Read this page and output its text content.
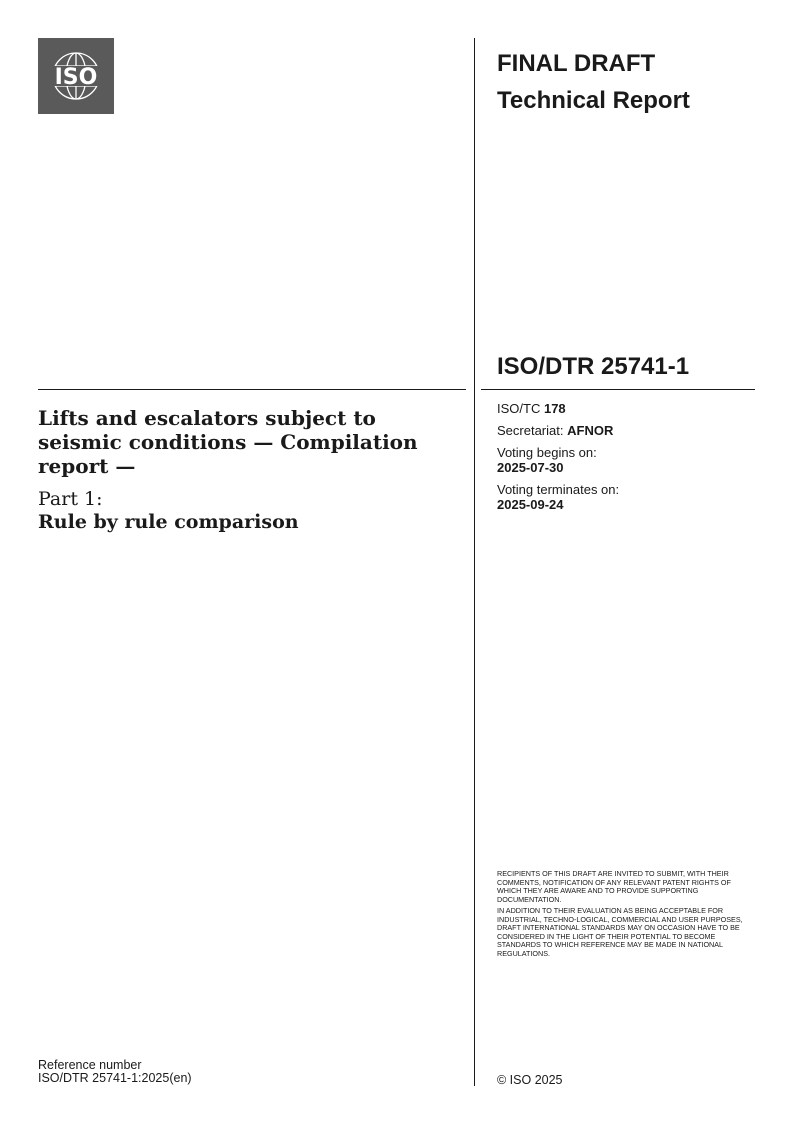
ISO
FINAL DRAFT
Technical Report
ISO/DTR 25741-1
Lifts and escalators subject to seismic conditions — Compilation report —
Part 1:
Rule by rule comparison
ISO/TC 178
Secretariat: AFNOR
Voting begins on:
2025-07-30
Voting terminates on:
2025-09-24

RECIPIENTS OF THIS DRAFT ARE INVITED TO SUBMIT, WITH THEIR COMMENTS, NOTIFICATION OF ANY RELEVANT PATENT RIGHTS OF WHICH THEY ARE AWARE AND TO PROVIDE SUPPORTING DOCUMENTATION.

IN ADDITION TO THEIR EVALUATION AS BEING ACCEPTABLE FOR INDUSTRIAL, TECHNO-LOGICAL, COMMERCIAL AND USER PURPOSES, DRAFT INTERNATIONAL STANDARDS MAY ON OCCASION HAVE TO BE CONSIDERED IN THE LIGHT OF THEIR POTENTIAL TO BECOME STANDARDS TO WHICH REFERENCE MAY BE MADE IN NATIONAL REGULATIONS.

Reference number
ISO/DTR 25741-1:2025(en)	© ISO 2025
